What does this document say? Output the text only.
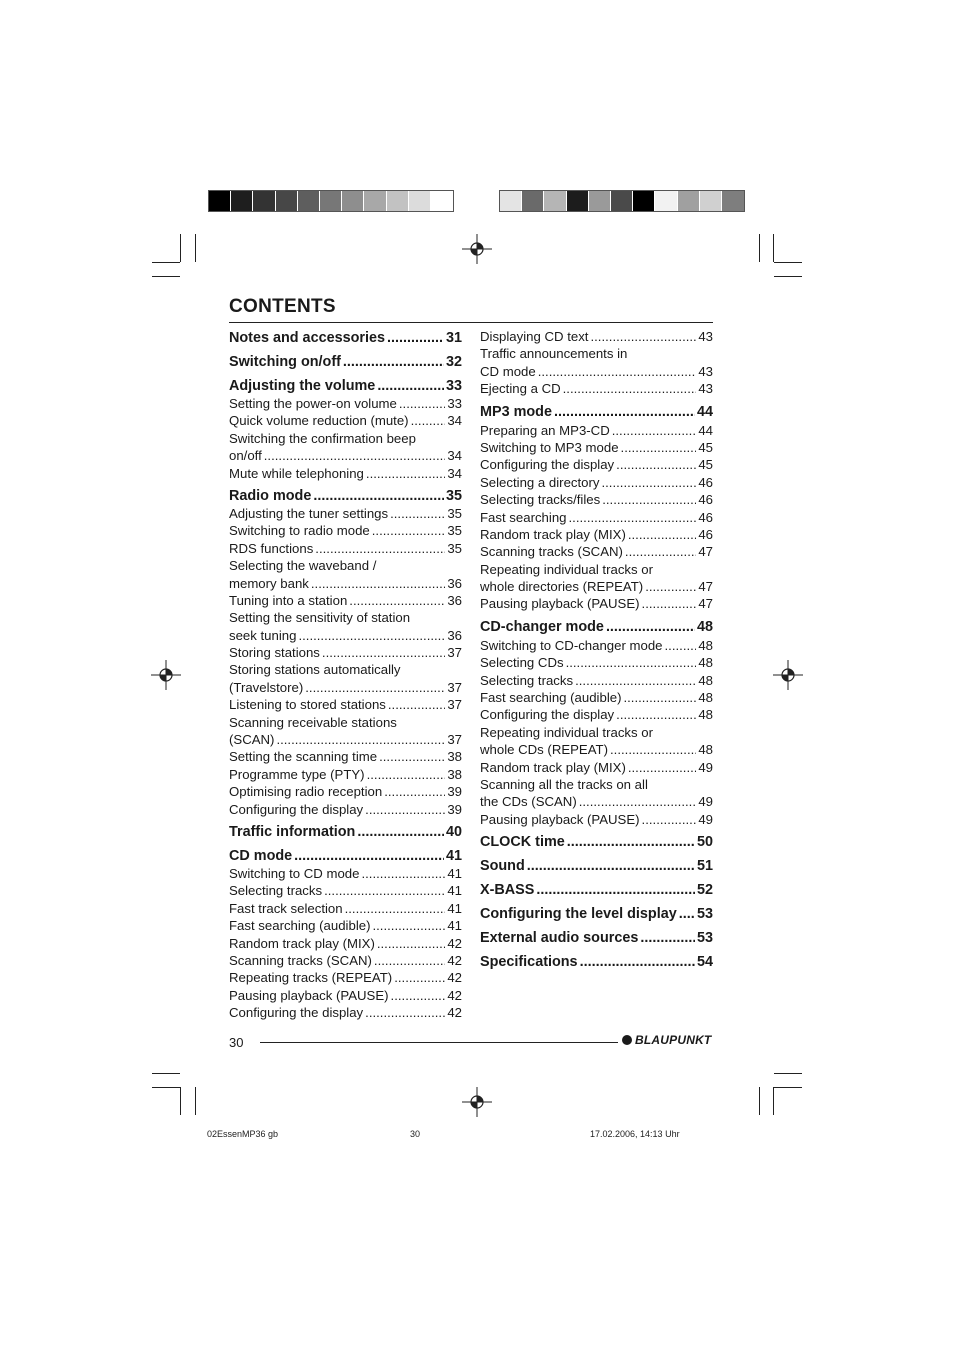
CONTENTS
Notes and accessories .....	31
Switching on/off .....	32
Adjusting the volume .....	33
Setting the power-on volume .....	33
Quick volume reduction (mute) .....	34
Switching the confirmation beep
on/off .....	34
Mute while telephoning .....	34
Radio mode .....	35
Adjusting the tuner settings .....	35
Switching to radio mode .....	35
RDS functions .....	35
Selecting the waveband /
memory bank .....	36
Tuning into a station .....	36
Setting the sensitivity of station
seek tuning .....	36
Storing stations .....	37
Storing stations automatically
(Travelstore) .....	37
Listening to stored stations .....	37
Scanning receivable stations
(SCAN) .....	37
Setting the scanning time .....	38
Programme type (PTY) .....	38
Optimising radio reception .....	39
Configuring the display .....	39
Traffic information .....	40
CD mode .....	41
Switching to CD mode .....	41
Selecting tracks .....	41
Fast track selection .....	41
Fast searching (audible) .....	41
Random track play (MIX) .....	42
Scanning tracks (SCAN) .....	42
Repeating tracks (REPEAT) .....	42
Pausing playback (PAUSE) .....	42
Configuring the display .....	42
Displaying CD text .....	43
Traffic announcements in
CD mode .....	43
Ejecting a CD .....	43
MP3 mode .....	44
Preparing an MP3-CD .....	44
Switching to MP3 mode .....	45
Configuring the display .....	45
Selecting a directory .....	46
Selecting tracks/files .....	46
Fast searching .....	46
Random track play (MIX) .....	46
Scanning tracks (SCAN) .....	47
Repeating individual tracks or
whole directories (REPEAT) .....	47
Pausing playback (PAUSE) .....	47
CD-changer mode .....	48
Switching to CD-changer mode .....	48
Selecting CDs .....	48
Selecting tracks .....	48
Fast searching (audible) .....	48
Configuring the display .....	48
Repeating individual tracks or
whole CDs (REPEAT) .....	48
Random track play (MIX) .....	49
Scanning all the tracks on all
the CDs (SCAN) .....	49
Pausing playback (PAUSE) .....	49
CLOCK time .....	50
Sound .....	51
X-BASS .....	52
Configuring the level display ..... 53
External audio sources .....	53
Specifications .....	54
30	BLAUPUNKT
02EssenMP36 gb	30	17.02.2006, 14:13 Uhr
